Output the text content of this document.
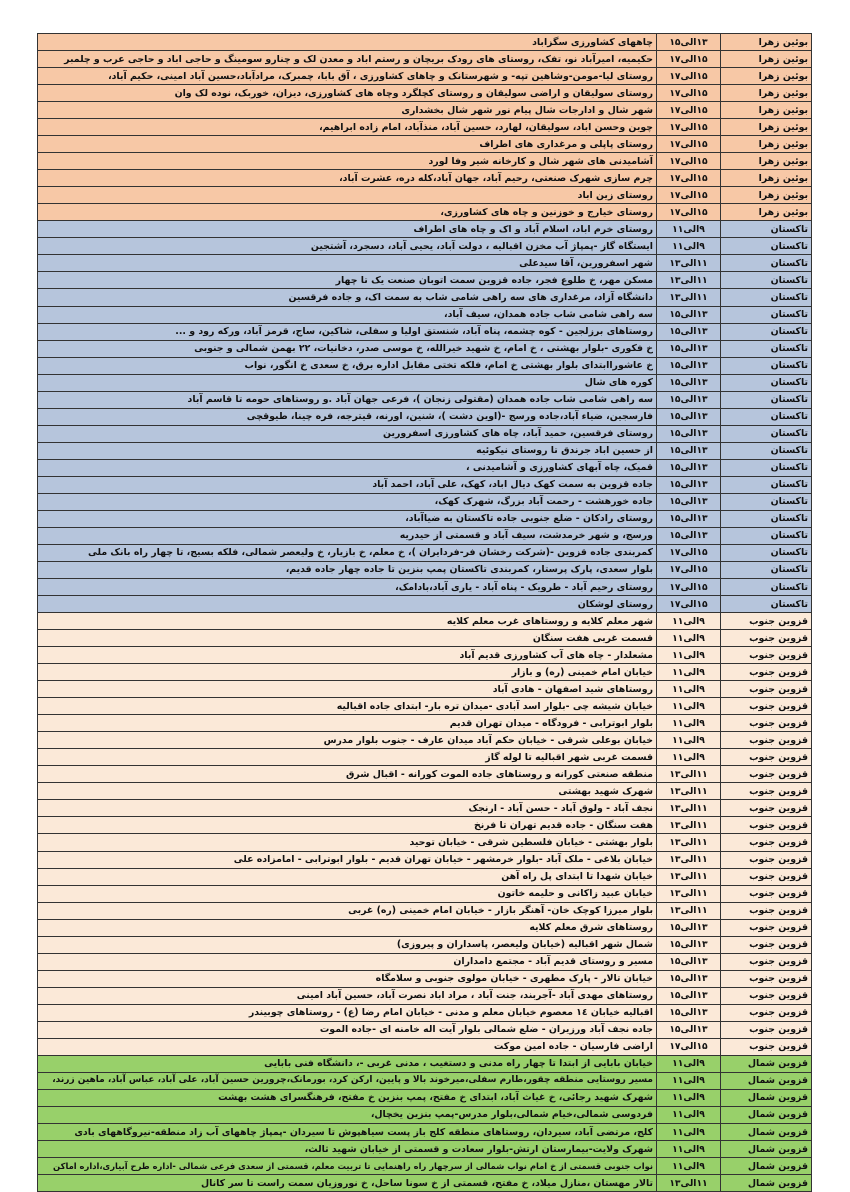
بوئین زهرا	۱۳الی۱۵	چاههای کشاورزی سگزاباد
بوئین زهرا	۱۵الی۱۷	حکیمیه، امیرآباد نو، تفک، روستای های رودک بریچان و رستم اباد و معدن لک و چنارو سومینگ و حاجی اباد و حاجی عرب و چلمبر
بوئین زهرا	۱۵الی۱۷	روستای لیا-مومن-وشاهین تپه- و شهرستانک و چاهای کشاورزی ، آق بابا، چمبرک، مرادآباد،حسین آباد امینی، حکیم آباد،
بوئین زهرا	۱۵الی۱۷	روستای سولیقان و اراضی سولیقان و روستای کچلگرد وچاه های کشاورزی، دیزان، خوربک، نوده لک وان
بوئین زهرا	۱۵الی۱۷	شهر شال و ادارجات شال پیام نور شهر شال بخشداری
بوئین زهرا	۱۵الی۱۷	چوین وحسن اباد، سولیقان، لهارد، حسین آباد، منذآباد، امام زاده ابراهیم،
بوئین زهرا	۱۵الی۱۷	روستای پاپلی و مرغداری های اطراف
بوئین زهرا	۱۵الی۱۷	آشامیدنی های شهر شال و کارخانه شیر وفا لورد
بوئین زهرا	۱۵الی۱۷	چرم سازی شهرک صنعتی، رحیم آباد، جهان آباد،کله دره، عشرت آباد،
بوئین زهرا	۱۵الی۱۷	روستای زین اباد
بوئین زهرا	۱۵الی۱۷	روستای خیارج و خوزنین و چاه های کشاورزی،
تاکستان	۹الی۱۱	روستای خرم اباد، اسلام آباد و اک و چاه های اطراف
تاکستان	۹الی۱۱	ایستگاه گاز -پمپاژ آب مخزن اقبالیه ، دولت آباد، یحیی آباد، دسجرد، آشتجین
تاکستان	۱۱الی۱۳	شهر اسفرورین، آقا سیدعلی
تاکستان	۱۱الی۱۳	مسکن مهر، خ طلوع فجر، جاده قزوین سمت اتوبان صنعت یک تا چهار
تاکستان	۱۱الی۱۳	دانشگاه آزاد، مرغداری های سه راهی شامی شاب به سمت اک، و جاده فرقسین
تاکستان	۱۳الی۱۵	سه راهی شامی شاب جاده همدان، سیف آباد،
تاکستان	۱۳الی۱۵	روستاهای برزلجین - کوه چشمه، پناه آباد، شنستق اولیا و سفلی، شاکین، ساج، قرمز آباد، ورکه رود و ...
تاکستان	۱۳الی۱۵	خ فکوری -بلوار بهشتی ، خ امام، خ شهید خیرالله، خ موسی صدر، دخانیات، ۲۲ بهمن شمالی و جنوبی
تاکستان	۱۳الی۱۵	خ عاشوراابتدای بلوار بهشتی خ امام، فلکه تختی مقابل اداره برق، خ سعدی خ انگور، نواب
تاکستان	۱۳الی۱۵	کوره های شال
تاکستان	۱۳الی۱۵	سه راهی شامی شاب جاده همدان (مقتولی زنجان )، فرعی جهان آباد .و روستاهای حومه تا قاسم آباد
تاکستان	۱۳الی۱۵	فارسجین، ضیاء آباد،جاده ورسج -(اوین دشت )، شنین، اورنه، قیترجه، فره چینا، طیوقچی
تاکستان	۱۳الی۱۵	روستای فرقسین، حمید آباد، چاه های کشاورزی اسفرورین
تاکستان	۱۳الی۱۵	از حسین اباد جرندق تا روستای نیکوئیه
تاکستان	۱۳الی۱۵	قمیک، چاه آبهای کشاورزی و آشامیدنی ،
تاکستان	۱۳الی۱۵	جاده قزوین به سمت کهک دیال اباد، کهک، علی آباد، احمد آباد
تاکستان	۱۳الی۱۵	جاده خورهشت - رحمت آباد بزرگ، شهرک کهک،
تاکستان	۱۳الی۱۵	روستای رادکان - ضلع جنوبی جاده تاکستان به ضیاآباد،
تاکستان	۱۳الی۱۵	ورسج، و شهر خرمدشت، سیف آباد و قسمتی از حیدریه
تاکستان	۱۵الی۱۷	کمربندی جاده قزوین -(شرکت رخشان فر-فردایران )، خ معلم، خ بازیار، خ ولیعصر شمالی، فلکه بسیج، تا چهار راه بانک ملی
تاکستان	۱۵الی۱۷	بلوار سعدی، پارک پرستار، کمربندی تاکستان پمپ بنزین تا جاده چهار جاده قدیم،
تاکستان	۱۵الی۱۷	روستای رحیم آباد - طرویک - پناه آباد - یاری آباد،بادامک،
تاکستان	۱۵الی۱۷	روستای لوشکان
قزوین جنوب	۹الی۱۱	شهر معلم کلایه و روستاهای غرب معلم کلایه
قزوین جنوب	۹الی۱۱	قسمت غربی هفت سنگان
قزوین جنوب	۹الی۱۱	مشعلدار - چاه های آب کشاورزی قدیم آباد
قزوین جنوب	۹الی۱۱	خیابان امام خمینی (ره) و بازار
قزوین جنوب	۹الی۱۱	روستاهای شید اصفهان - هادی آباد
قزوین جنوب	۹الی۱۱	خیابان شیشه چی -بلوار اسد آبادی -میدان تره بار- ابتدای جاده اقبالیه
قزوین جنوب	۹الی۱۱	بلوار ابوترابی - فرودگاه - میدان تهران قدیم
قزوین جنوب	۹الی۱۱	خیابان بوعلی شرقی - خیابان حکم آباد میدان عارف - جنوب بلوار مدرس
قزوین جنوب	۹الی۱۱	قسمت غربی شهر اقبالیه تا لوله گاز
قزوین جنوب	۱۱الی۱۳	منطقه صنعتی کورانه و روستاهای جاده الموت کورانه - اقبال شرق
قزوین جنوب	۱۱الی۱۳	شهرک شهید بهشتی
قزوین جنوب	۱۱الی۱۳	نجف آباد - ولوق آباد - حسن آباد - ارنجک
قزوین جنوب	۱۱الی۱۳	هفت سنگان - جاده قدیم تهران تا فرنخ
قزوین جنوب	۱۱الی۱۳	بلوار بهشتی - خیابان فلسطین شرقی - خیابان توحید
قزوین جنوب	۱۱الی۱۳	خیابان بلاغی - ملک آباد -بلوار خرمشهر - خیابان تهران قدیم - بلوار ابوترابی - امامزاده علی
قزوین جنوب	۱۱الی۱۳	خیابان شهدا تا ابتدای پل راه آهن
قزوین جنوب	۱۱الی۱۳	خیابان عبید زاکانی و حلیمه خاتون
قزوین جنوب	۱۱الی۱۳	بلوار میرزا کوچک خان- آهنگر بازار - خیابان امام خمینی (ره) غربی
قزوین جنوب	۱۳الی۱۵	روستاهای شرق معلم کلایه
قزوین جنوب	۱۳الی۱۵	شمال شهر اقبالیه (خیابان ولیعصر، پاسداران و پیروزی)
قزوین جنوب	۱۳الی۱۵	مسیر و روستای قدیم آباد - مجتمع دامداران
قزوین جنوب	۱۳الی۱۵	خیابان تالار - پارک مطهری - خیابان مولوی جنوبی و سلامگاه
قزوین جنوب	۱۳الی۱۵	روستاهای مهدی آباد -آجربند، جنت آباد ، مراد اباد نصرت آباد، حسین آباد امینی
قزوین جنوب	۱۳الی۱۵	اقبالیه خیابان ١٤ معصوم خیابان معلم و مدنی - خیابان امام رضا (ع) - روستاهای چوبیندر
قزوین جنوب	۱۳الی۱۵	جاده نجف آباد ورزیران - ضلع شمالی بلوار آیت اله خامنه ای -جاده الموت
قزوین جنوب	۱۵الی۱۷	اراضی فارسیان - جاده امین موکت
قزوین شمال	۹الی۱۱	خیابان بابایی از ابتدا تا چهار راه مدنی و دستغیب ، مدنی غربی -، دانشگاه فنی بابایی
قزوین شمال	۹الی۱۱	مسیر روستایی منطقه چقور،طارم سفلی،میرخوند بالا و پایین، ارکن کرد، بورمانک،چرورین حسین آباد، علی آباد، عباس آباد، ماهین زرند،
قزوین شمال	۹الی۱۱	شهرک شهید رجائی، خ غیاث آباد، ابتدای خ مفتح، پمپ بنزین خ مفتح، فرهنگسرای هشت بهشت
قزوین شمال	۹الی۱۱	فردوسی شمالی،خیام شمالی،بلوار مدرس-پمپ بنزین یخچال،
قزوین شمال	۹الی۱۱	کلج، مرتضی آباد، سیردان، روستاهای منطقه کلج باز پست سیاهپوش تا سیردان -پمپاژ چاههای آب زاد منطقه-نیروگاههای بادی
قزوین شمال	۹الی۱۱	شهرک ولایت-بیمارستان ارتش-بلوار سعادت و قسمتی از خیابان شهید ثالث،
قزوین شمال	۹الی۱۱	نواب جنوبی قسمتی از خ امام نواب شمالی از سرچهار راه راهنمایی تا تربیت معلم، قسمتی از سعدی فرعی شمالی -اداره طرح آبیاری،اداره اماکن
قزوین شمال	۱۱الی۱۳	تالار مهستان ،منازل میلاد، خ مفتح، قسمتی از خ سونا ساحل، خ نوروزیان سمت راست تا سر کانال
